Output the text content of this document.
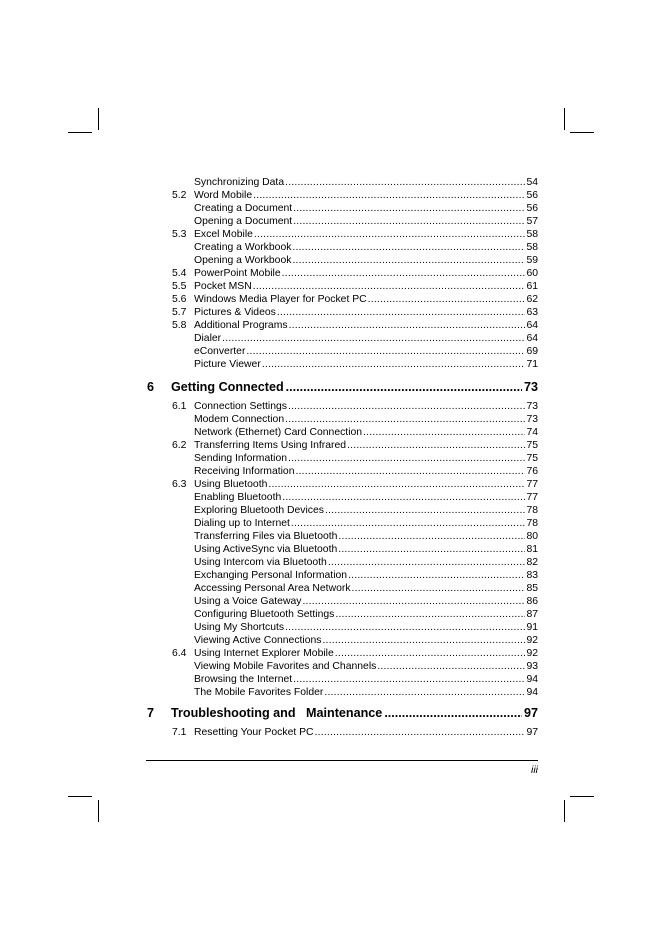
Synchronizing Data .....	54
5.2 Word Mobile .....	56
Creating a Document .....	56
Opening a Document .....	57
5.3 Excel Mobile .....	58
Creating a Workbook .....	58
Opening a Workbook .....	59
5.4 PowerPoint Mobile .....	60
5.5 Pocket MSN .....	61
5.6 Windows Media Player for Pocket PC .....	62
5.7 Pictures & Videos .....	63
5.8 Additional Programs .....	64
Dialer .....	64
eConverter .....	69
Picture Viewer .....	71
6	Getting Connected .....	73
6.1 Connection Settings .....	73
Modem Connection .....	73
Network (Ethernet) Card Connection .....	74
6.2 Transferring Items Using Infrared .....	75
Sending Information .....	75
Receiving Information .....	76
6.3 Using Bluetooth .....	77
Enabling Bluetooth .....	77
Exploring Bluetooth Devices .....	78
Dialing up to Internet .....	78
Transferring Files via Bluetooth .....	80
Using ActiveSync via Bluetooth .....	81
Using Intercom via Bluetooth .....	82
Exchanging Personal Information .....	83
Accessing Personal Area Network .....	85
Using a Voice Gateway .....	86
Configuring Bluetooth Settings .....	87
Using My Shortcuts .....	91
Viewing Active Connections .....	92
6.4 Using Internet Explorer Mobile .....	92
Viewing Mobile Favorites and Channels .....	93
Browsing the Internet .....	94
The Mobile Favorites Folder .....	94
7	Troubleshooting and   Maintenance .....	97
7.1 Resetting Your Pocket PC .....	97
iii
